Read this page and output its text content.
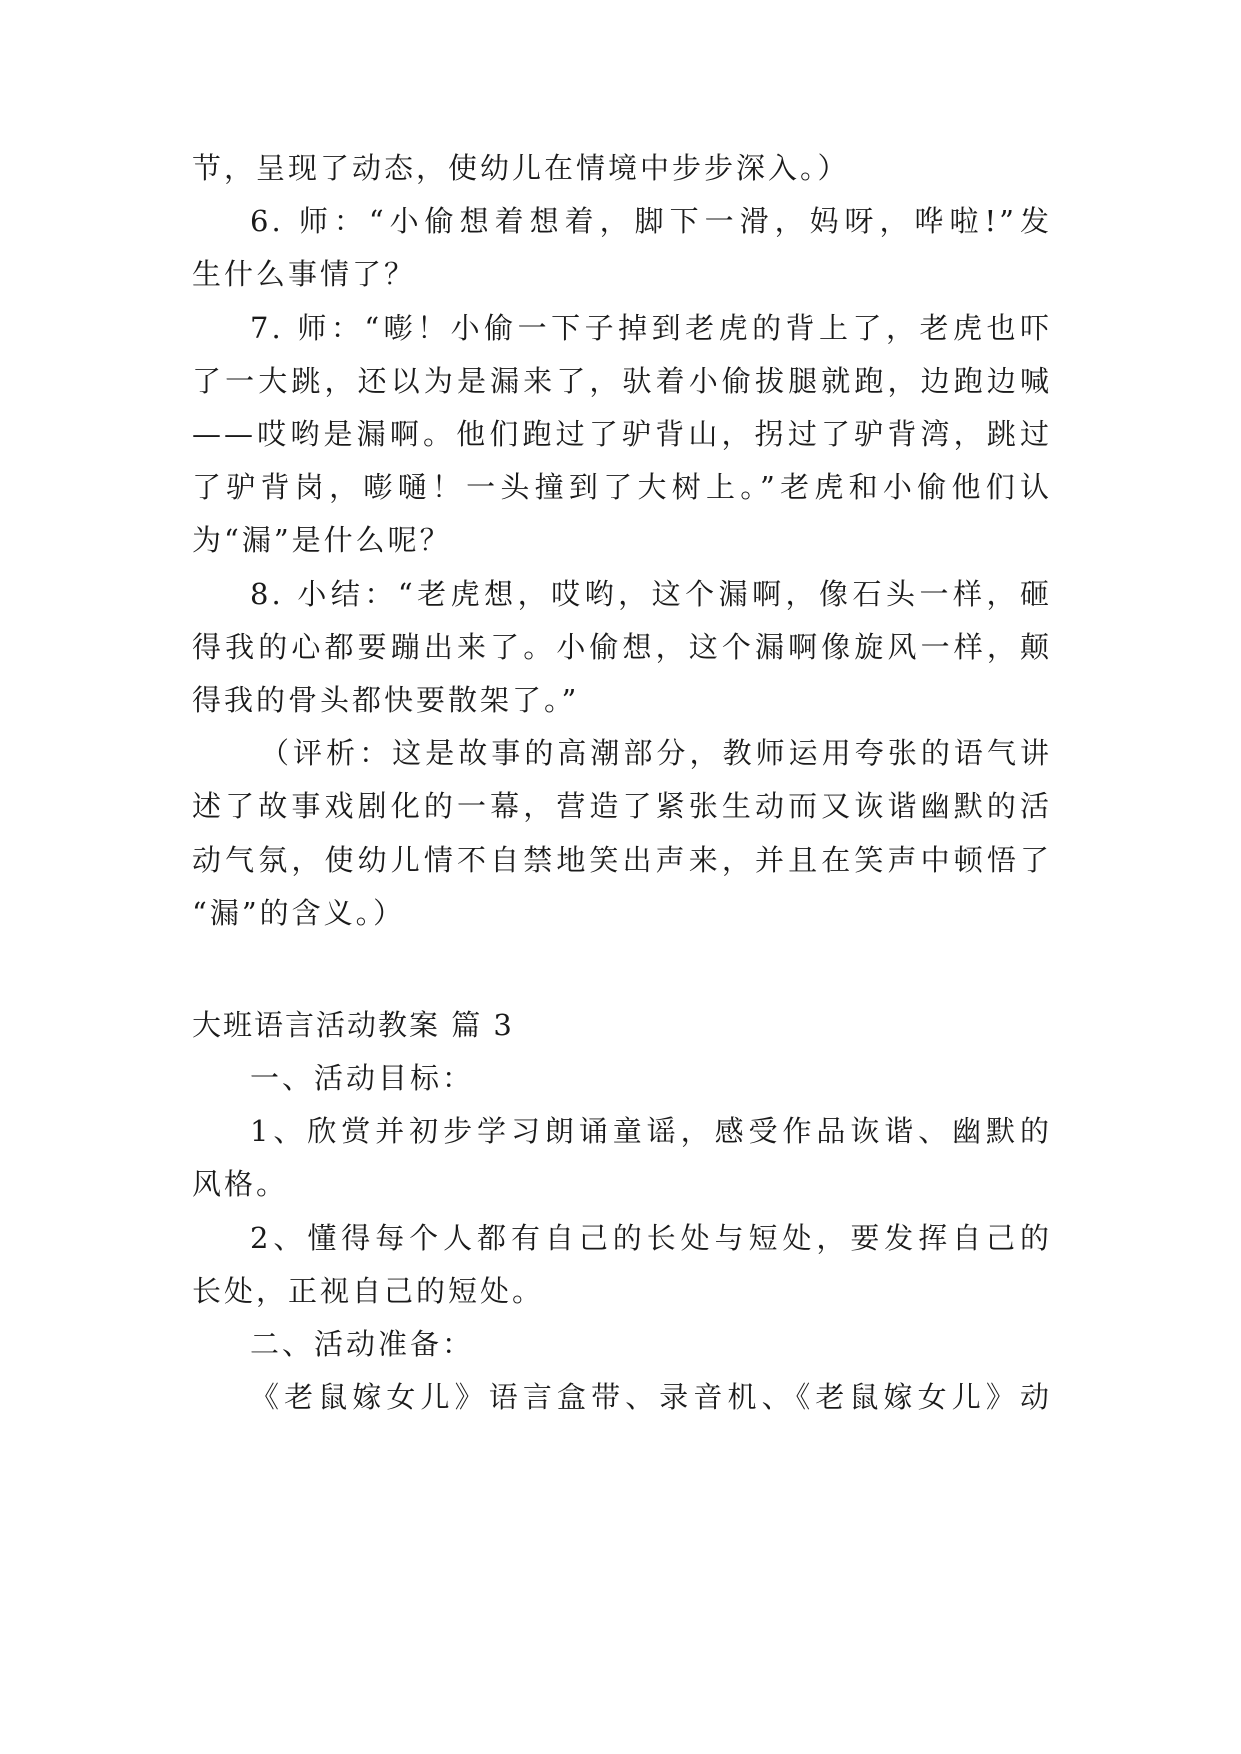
节，呈现了动态，使幼儿在情境中步步深入。）
6. 师：“小偷想着想着，脚下一滑，妈呀，哗啦!”发
生什么事情了？
7. 师：“嘭！小偷一下子掉到老虎的背上了，老虎也吓
了一大跳，还以为是漏来了，驮着小偷拔腿就跑，边跑边喊
——哎哟是漏啊。他们跑过了驴背山，拐过了驴背湾，跳过
了驴背岗，嘭嗵！一头撞到了大树上。”老虎和小偷他们认
为“漏”是什么呢？
8. 小结：“老虎想，哎哟，这个漏啊，像石头一样，砸
得我的心都要蹦出来了。小偷想，这个漏啊像旋风一样，颠
得我的骨头都快要散架了。”
（评析：这是故事的高潮部分，教师运用夸张的语气讲
述了故事戏剧化的一幕，营造了紧张生动而又诙谐幽默的活
动气氛，使幼儿情不自禁地笑出声来，并且在笑声中顿悟了
“漏”的含义。）
大班语言活动教案 篇 3
一、活动目标：
1、欣赏并初步学习朗诵童谣，感受作品诙谐、幽默的
风格。
2、懂得每个人都有自己的长处与短处，要发挥自己的
长处，正视自己的短处。
二、活动准备：
《老鼠嫁女儿》语言盒带、录音机、《老鼠嫁女儿》动
